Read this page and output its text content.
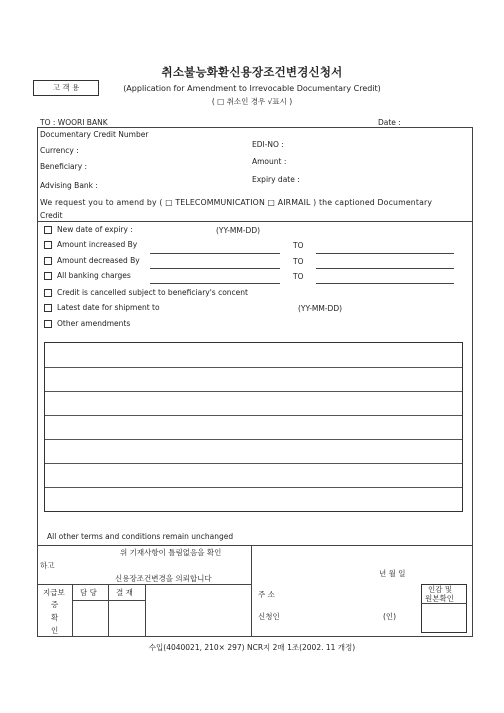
취소불능화환신용장조건변경신청서
고 객 용	(Application for Amendment to Irrevocable Documentary Credit)
( □ 취소인 경우 √표시 )
TO : WOORI BANK	Date :
Documentary Credit Number
Currency :
Beneficiary :
Advising Bank :
EDI-NO :
Amount :
Expiry date :
We request you to amend by ( □ TELECOMMUNICATION □ AIRMAIL ) the captioned Documentary
Credit
New date of expiry :	(YY-MM-DD)
Amount increased By	TO
Amount decreased By	TO
All banking charges	TO
Credit is cancelled subject to beneficiary's concent
Latest date for shipment to	(YY-MM-DD)
Other amendments
All other terms and conditions remain unchanged
위 기재사항이 틀림없음을 확인
하고
신용장조건변경을 의뢰합니다
지급보
증
확
인
담 당	결 재
년 월 일
주 소
신청인	(인)
인감 및
원본확인
수입(4040021, 210× 297) NCR지 2매 1조(2002. 11 개정)
